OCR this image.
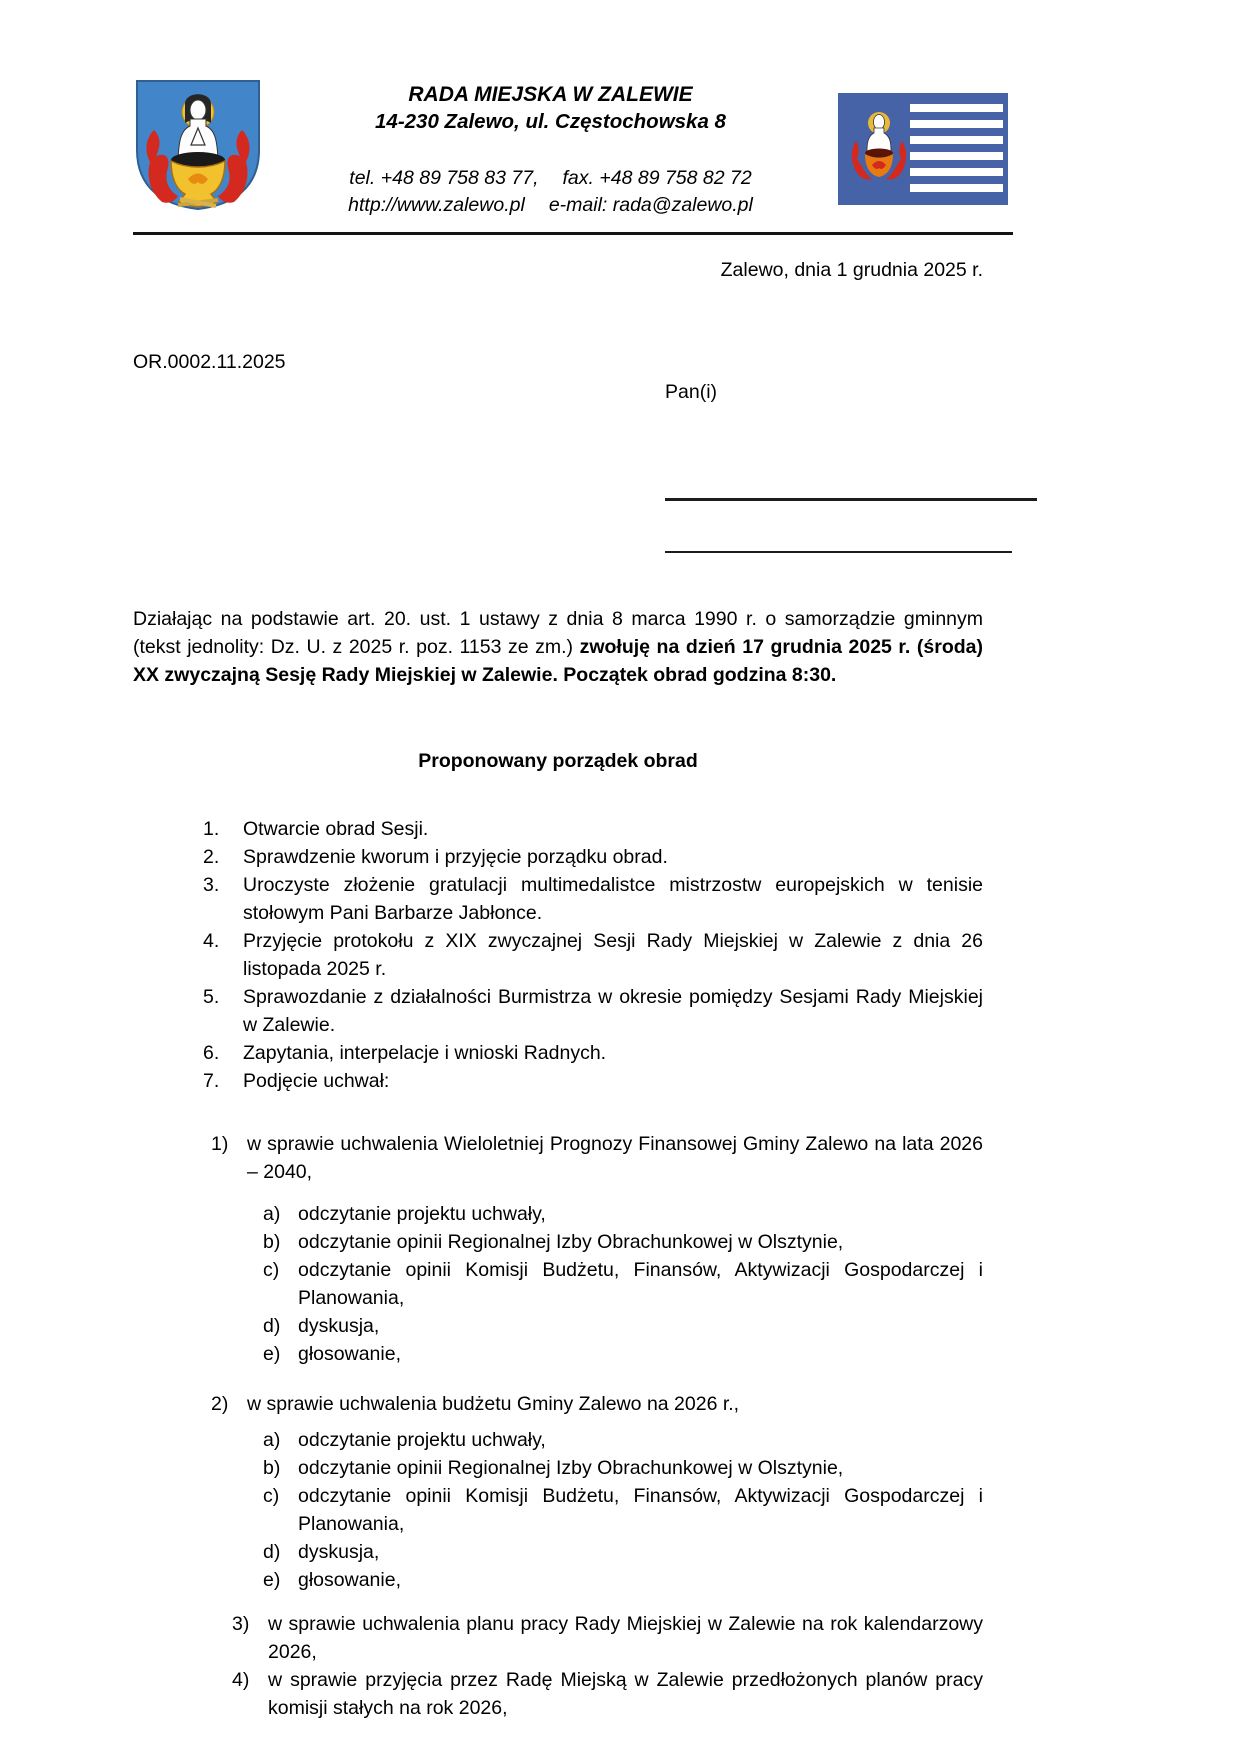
RADA MIEJSKA W ZALEWIE
14-230 Zalewo, ul. Częstochowska 8
tel. +48 89 758 83 77, fax. +48 89 758 82 72
http://www.zalewo.pl e-mail: rada@zalewo.pl
Zalewo, dnia 1 grudnia 2025 r.
OR.0002.11.2025
Pan(i)

Działając na podstawie art. 20. ust. 1 ustawy z dnia 8 marca 1990 r. o samorządzie gminnym (tekst jednolity: Dz. U. z 2025 r. poz. 1153 ze zm.) zwołuję na dzień 17 grudnia 2025 r. (środa) XX zwyczajną Sesję Rady Miejskiej w Zalewie. Początek obrad godzina 8:30.

Proponowany porządek obrad
1.	Otwarcie obrad Sesji.
2.	Sprawdzenie kworum i przyjęcie porządku obrad.
3.	Uroczyste złożenie gratulacji multimedalistce mistrzostw europejskich w tenisie stołowym Pani Barbarze Jabłonce.
4.	Przyjęcie protokołu z XIX zwyczajnej Sesji Rady Miejskiej w Zalewie z dnia 26 listopada 2025 r.
5.	Sprawozdanie z działalności Burmistrza w okresie pomiędzy Sesjami Rady Miejskiej w Zalewie.
6.	Zapytania, interpelacje i wnioski Radnych.
7.	Podjęcie uchwał:
1) w sprawie uchwalenia Wieloletniej Prognozy Finansowej Gminy Zalewo na lata 2026 – 2040,
a) odczytanie projektu uchwały,
b) odczytanie opinii Regionalnej Izby Obrachunkowej w Olsztynie,
c) odczytanie opinii Komisji Budżetu, Finansów, Aktywizacji Gospodarczej i Planowania,
d) dyskusja,
e) głosowanie,
2) w sprawie uchwalenia budżetu Gminy Zalewo na 2026 r.,
a) odczytanie projektu uchwały,
b) odczytanie opinii Regionalnej Izby Obrachunkowej w Olsztynie,
c) odczytanie opinii Komisji Budżetu, Finansów, Aktywizacji Gospodarczej i Planowania,
d) dyskusja,
e) głosowanie,
3) w sprawie uchwalenia planu pracy Rady Miejskiej w Zalewie na rok kalendarzowy 2026,
4) w sprawie przyjęcia przez Radę Miejską w Zalewie przedłożonych planów pracy komisji stałych na rok 2026,
